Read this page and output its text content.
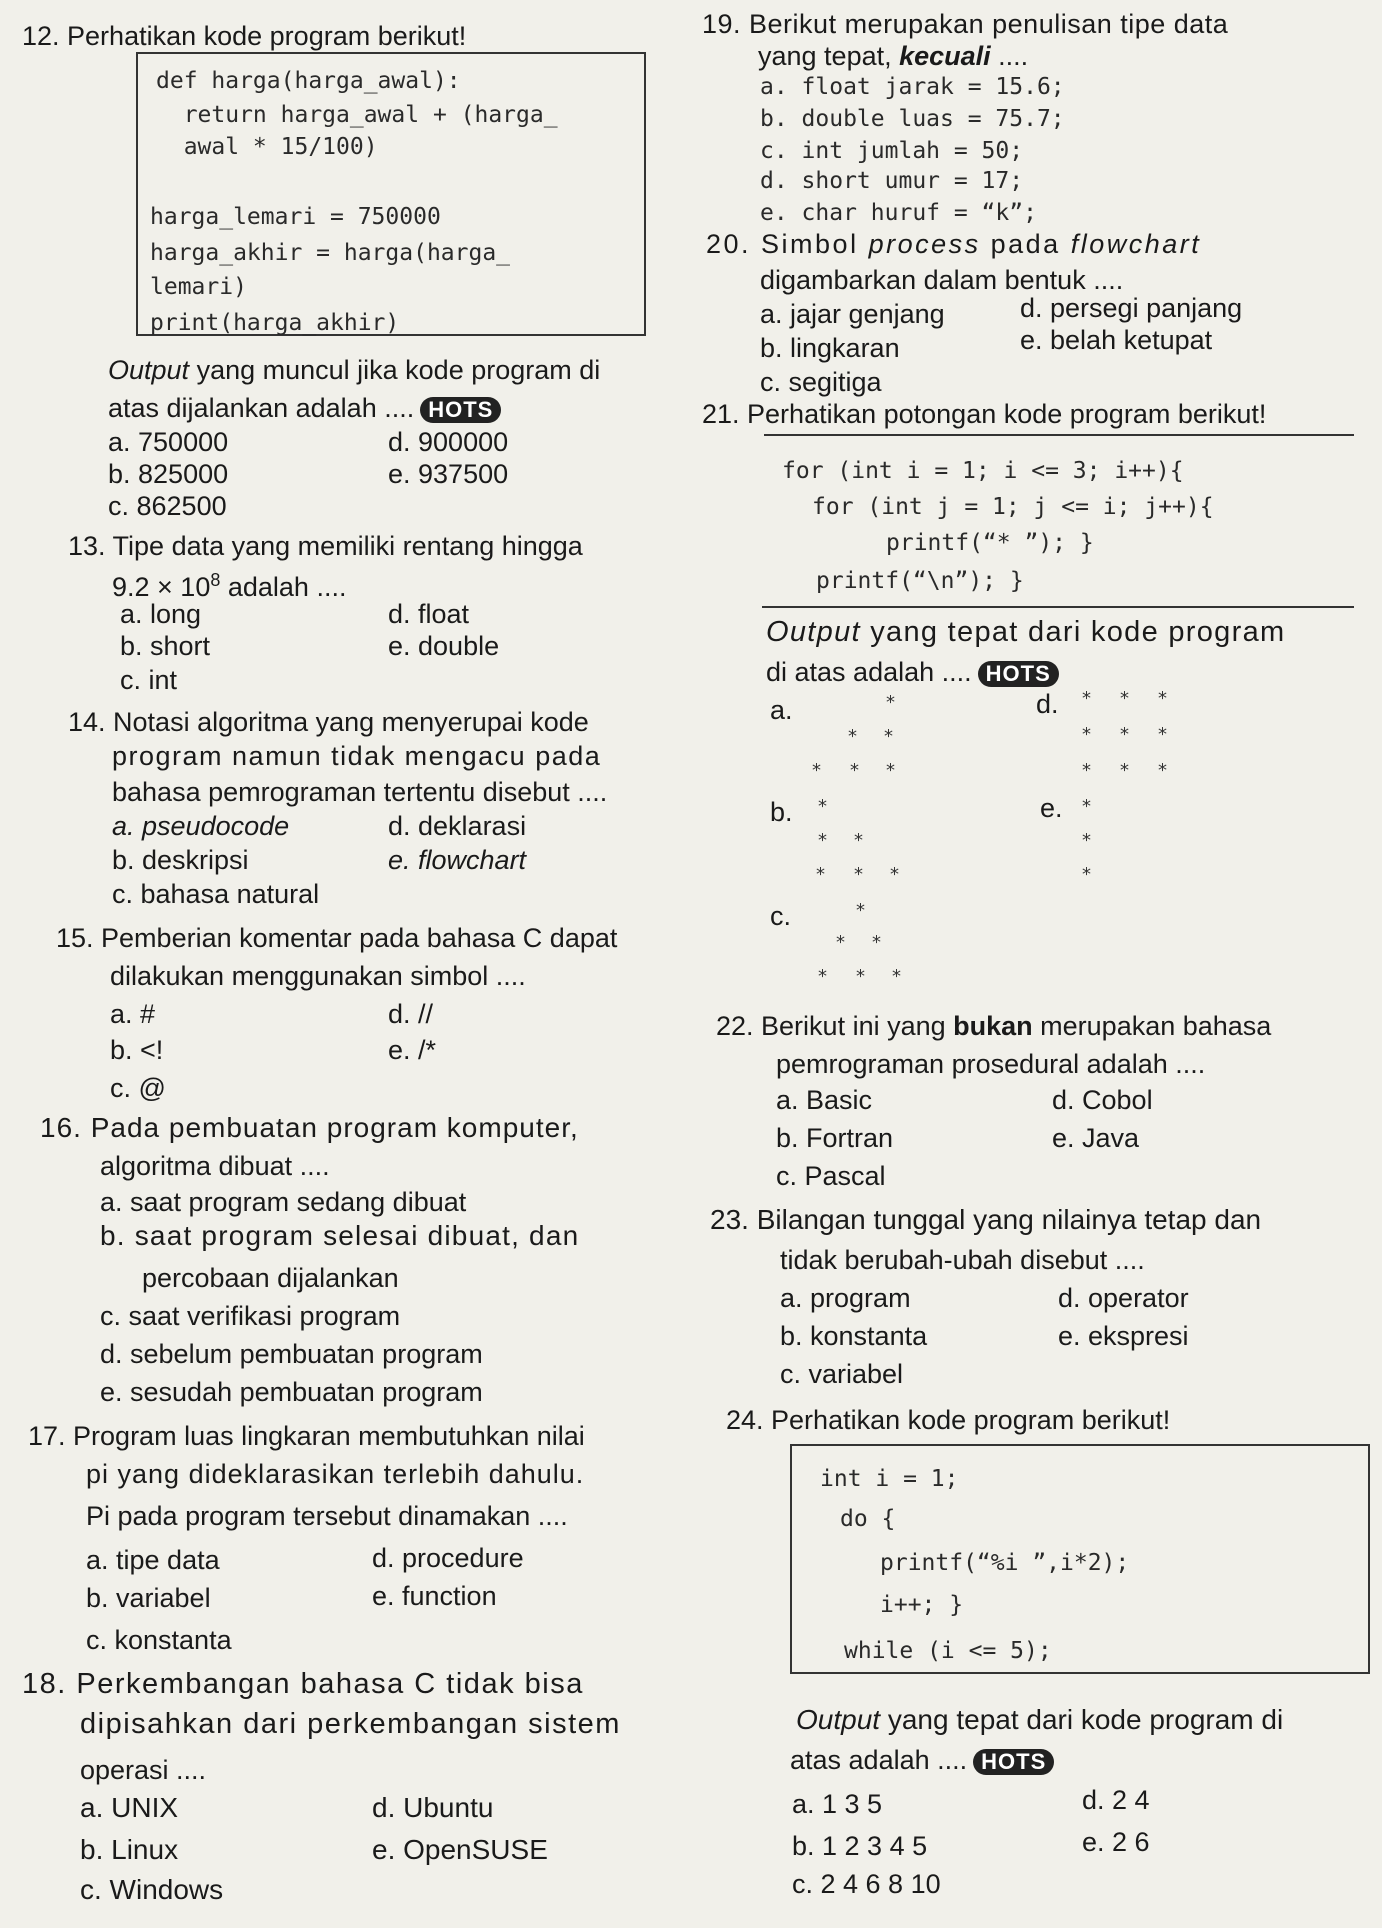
12. Perhatikan kode program berikut!
def harga(harga_awal):
return harga_awal + (harga_
awal * 15/100)
harga_lemari = 750000
harga_akhir = harga(harga_
lemari)
print(harga_akhir)
Output yang muncul jika kode program di
atas dijalankan adalah .... HOTS
a. 750000
b. 825000
c. 862500
d. 900000
e. 937500
13. Tipe data yang memiliki rentang hingga
$9.2 \times 10^8$ adalah ....
a. long
b. short
c. int
d. float
e. double
14. Notasi algoritma yang menyerupai kode
program namun tidak mengacu pada
bahasa pemrograman tertentu disebut ....
a. pseudocode
b. deskripsi
c. bahasa natural
d. deklarasi
e. flowchart
15. Pemberian komentar pada bahasa C dapat
dilakukan menggunakan simbol ....
a. #
b. <!
c. @
d. //
e. /*
16. Pada pembuatan program komputer,
algoritma dibuat ....
a. saat program sedang dibuat
b. saat program selesai dibuat, dan
percobaan dijalankan
c. saat verifikasi program
d. sebelum pembuatan program
e. sesudah pembuatan program
17. Program luas lingkaran membutuhkan nilai
pi yang dideklarasikan terlebih dahulu.
Pi pada program tersebut dinamakan ....
a. tipe data
b. variabel
c. konstanta
d. procedure
e. function
18. Perkembangan bahasa C tidak bisa
dipisahkan dari perkembangan sistem
operasi ....
a. UNIX
b. Linux
c. Windows
d. Ubuntu
e. OpenSUSE
19. Berikut merupakan penulisan tipe data
yang tepat, kecuali ....
a. float jarak = 15.6;
b. double luas = 75.7;
c. int jumlah = 50;
d. short umur = 17;
e. char huruf = “k”;
20. Simbol process pada flowchart
digambarkan dalam bentuk ....
a. jajar genjang
b. lingkaran
c. segitiga
d. persegi panjang
e. belah ketupat
21. Perhatikan potongan kode program berikut!
for (int i = 1; i <= 3; i++){
for (int j = 1; j <= i; j++){
printf(“* ”); }
printf(“\n”); }
Output yang tepat dari kode program
di atas adalah .... HOTS
a.
b.
c.
d.
e.
*
* *
* * *
*
* *
* * *
*
* *
* * *
* * *
* * *
* * *
*
*
*
22. Berikut ini yang bukan merupakan bahasa
pemrograman prosedural adalah ....
a. Basic
b. Fortran
c. Pascal
d. Cobol
e. Java
23. Bilangan tunggal yang nilainya tetap dan
tidak berubah-ubah disebut ....
a. program
b. konstanta
c. variabel
d. operator
e. ekspresi
24. Perhatikan kode program berikut!
int i = 1;
do {
printf(“%i ”,i*2);
i++; }
while (i <= 5);
Output yang tepat dari kode program di
atas adalah .... HOTS
a. 1 3 5
b. 1 2 3 4 5
c. 2 4 6 8 10
d. 2 4
e. 2 6
